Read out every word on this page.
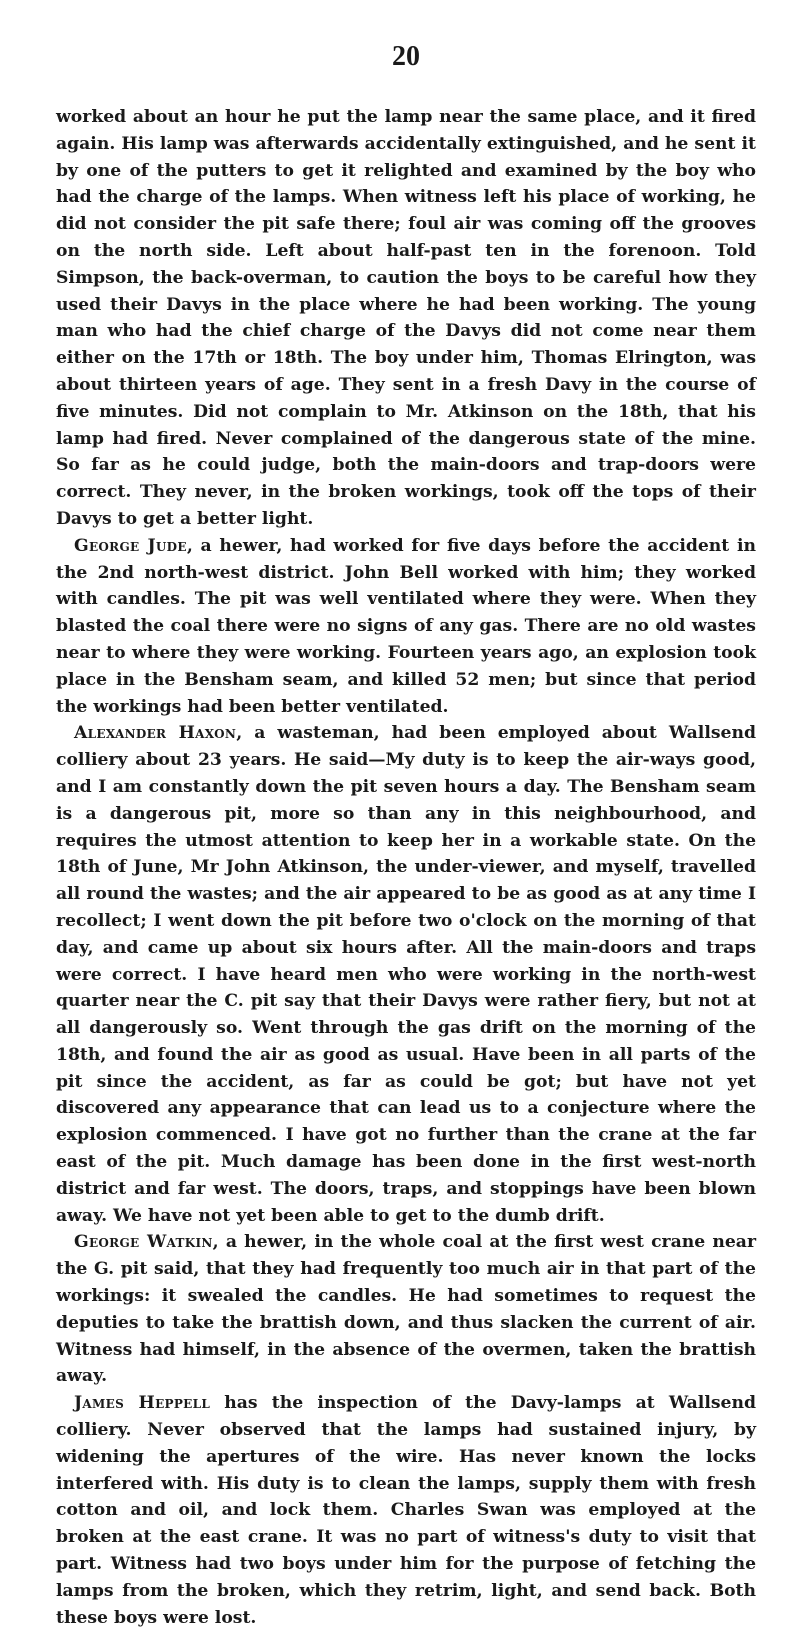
20

worked about an hour he put the lamp near the same place, and it fired again. His lamp was afterwards accidentally extinguished, and he sent it by one of the putters to get it relighted and examined by the boy who had the charge of the lamps. When witness left his place of working, he did not consider the pit safe there; foul air was coming off the grooves on the north side. Left about half-past ten in the forenoon. Told Simpson, the back-overman, to caution the boys to be careful how they used their Davys in the place where he had been working. The young man who had the chief charge of the Davys did not come near them either on the 17th or 18th. The boy under him, Thomas Elrington, was about thirteen years of age. They sent in a fresh Davy in the course of five minutes. Did not complain to Mr. Atkinson on the 18th, that his lamp had fired. Never complained of the dangerous state of the mine. So far as he could judge, both the main-doors and trap-doors were correct. They never, in the broken workings, took off the tops of their Davys to get a better light.

George Jude, a hewer, had worked for five days before the accident in the 2nd north-west district. John Bell worked with him; they worked with candles. The pit was well ventilated where they were. When they blasted the coal there were no signs of any gas. There are no old wastes near to where they were working. Fourteen years ago, an explosion took place in the Bensham seam, and killed 52 men; but since that period the workings had been better ventilated.

Alexander Haxon, a wasteman, had been employed about Wallsend colliery about 23 years. He said—My duty is to keep the air-ways good, and I am constantly down the pit seven hours a day. The Bensham seam is a dangerous pit, more so than any in this neighbourhood, and requires the utmost attention to keep her in a workable state. On the 18th of June, Mr John Atkinson, the under-viewer, and myself, travelled all round the wastes; and the air appeared to be as good as at any time I recollect; I went down the pit before two o'clock on the morning of that day, and came up about six hours after. All the main-doors and traps were correct. I have heard men who were working in the north-west quarter near the C. pit say that their Davys were rather fiery, but not at all dangerously so. Went through the gas drift on the morning of the 18th, and found the air as good as usual. Have been in all parts of the pit since the accident, as far as could be got; but have not yet discovered any appearance that can lead us to a conjecture where the explosion commenced. I have got no further than the crane at the far east of the pit. Much damage has been done in the first west-north district and far west. The doors, traps, and stoppings have been blown away. We have not yet been able to get to the dumb drift.

George Watkin, a hewer, in the whole coal at the first west crane near the G. pit said, that they had frequently too much air in that part of the workings: it swealed the candles. He had sometimes to request the deputies to take the brattish down, and thus slacken the current of air. Witness had himself, in the absence of the overmen, taken the brattish away.

James Heppell has the inspection of the Davy-lamps at Wallsend colliery. Never observed that the lamps had sustained injury, by widening the apertures of the wire. Has never known the locks interfered with. His duty is to clean the lamps, supply them with fresh cotton and oil, and lock them. Charles Swan was employed at the broken at the east crane. It was no part of witness's duty to visit that part. Witness had two boys under him for the purpose of fetching the lamps from the broken, which they retrim, light, and send back. Both these boys were lost.
